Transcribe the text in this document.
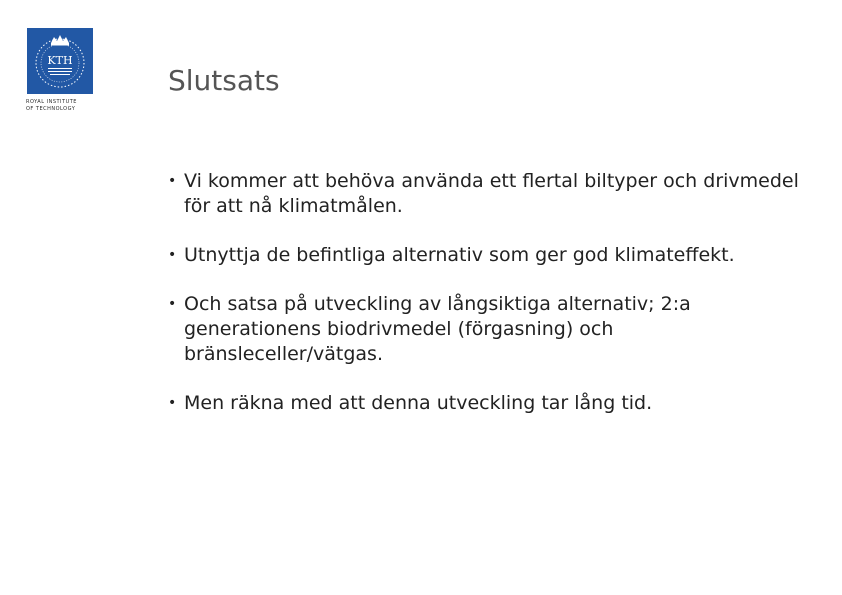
KTH
ROYAL INSTITUTE
OF TECHNOLOGY
Slutsats
• Vi kommer att behöva använda ett flertal biltyper och drivmedel för att nå klimatmålen.
• Utnyttja de befintliga alternativ som ger god klimateffekt.
• Och satsa på utveckling av långsiktiga alternativ; 2:a generationens biodrivmedel (förgasning) och bränsleceller/vätgas.
• Men räkna med att denna utveckling tar lång tid.
